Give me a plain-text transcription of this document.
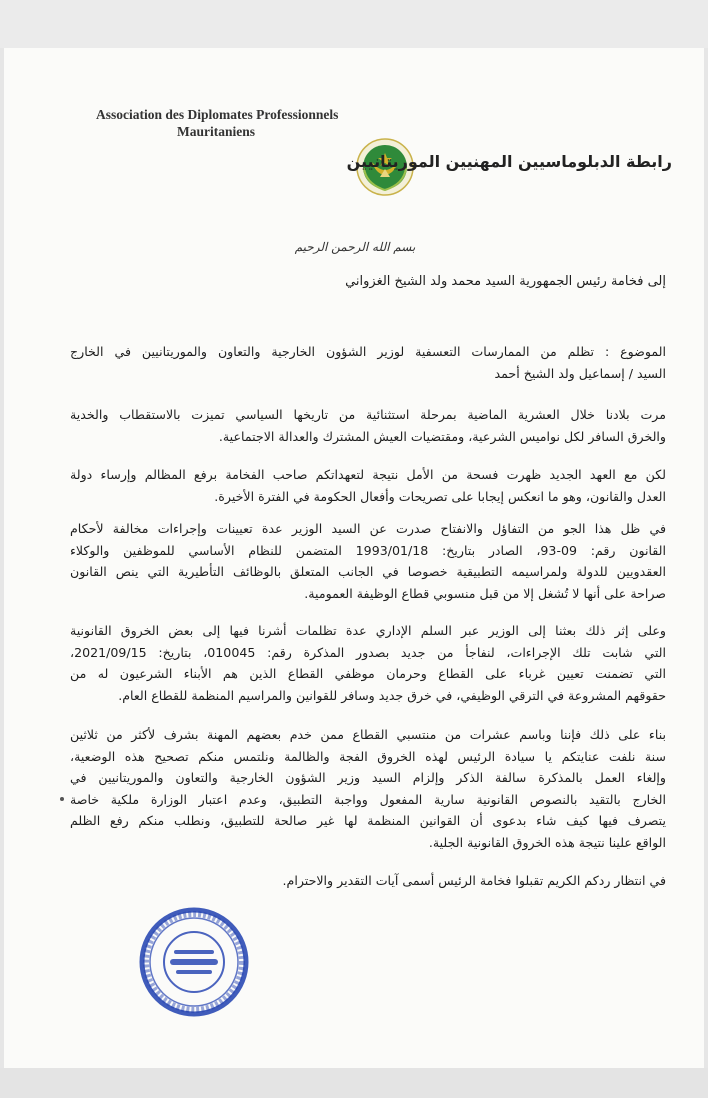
Association des Diplomates Professionnels
Mauritaniens
رابطة الدبلوماسيين المهنيين الموريتانيين
بسم الله الرحمن الرحيم
إلى فخامة رئيس الجمهورية السيد محمد ولد الشيخ الغزواني
الموضوع : تظلم من الممارسات التعسفية لوزير الشؤون الخارجية والتعاون والموريتانيين في الخارج
السيد / إسماعيل ولد الشيخ أحمد
مرت بلادنا خلال العشرية الماضية بمرحلة استثنائية من تاريخها السياسي تميزت بالاستقطاب والخدية
والخرق السافر لكل نواميس الشرعية، ومقتضيات العيش المشترك والعدالة الاجتماعية.
لكن مع العهد الجديد ظهرت فسحة من الأمل نتيجة لتعهداتكم صاحب الفخامة برفع المظالم وإرساء دولة
العدل والقانون، وهو ما انعكس إيجابا على تصريحات وأفعال الحكومة في الفترة الأخيرة.
في ظل هذا الجو من التفاؤل والانفتاح صدرت عن السيد الوزير عدة تعيينات وإجراءات مخالفة لأحكام
القانون رقم: 09-93، الصادر بتاريخ: 1993/01/18 المتضمن للنظام الأساسي للموظفين والوكلاء
العقدويين للدولة ولمراسيمه التطبيقية خصوصا في الجانب المتعلق بالوظائف التأطيرية التي ينص القانون
صراحة على أنها لا تُشغل إلا من قبل منسوبي قطاع الوظيفة العمومية.
وعلى إثر ذلك بعثنا إلى الوزير عبر السلم الإداري عدة تظلمات أشرنا فيها إلى بعض الخروق القانونية
التي شابت تلك الإجراءات، لنفاجأ من جديد بصدور المذكرة رقم: 010045، بتاريخ: 2021/09/15،
التي تضمنت تعيين غرباء على القطاع وحرمان موظفي القطاع الذين هم الأبناء الشرعيون له من
حقوقهم المشروعة في الترقي الوظيفي، في خرق جديد وسافر للقوانين والمراسيم المنظمة للقطاع العام.
بناء على ذلك فإننا وباسم عشرات من منتسبي القطاع ممن خدم بعضهم المهنة بشرف لأكثر من ثلاثين
سنة نلفت عنايتكم يا سيادة الرئيس لهذه الخروق الفجة والظالمة ونلتمس منكم تصحيح هذه الوضعية،
وإلغاء العمل بالمذكرة سالفة الذكر وإلزام السيد وزير الشؤون الخارجية والتعاون والموريتانيين في
الخارج بالتقيد بالنصوص القانونية سارية المفعول وواجبة التطبيق، وعدم اعتبار الوزارة ملكية خاصة
يتصرف فيها كيف شاء بدعوى أن القوانين المنظمة لها غير صالحة للتطبيق، ونطلب منكم رفع الظلم
الواقع علينا نتيجة هذه الخروق القانونية الجلية.
في انتظار ردكم الكريم تقبلوا فخامة الرئيس أسمى آيات التقدير والاحترام.
